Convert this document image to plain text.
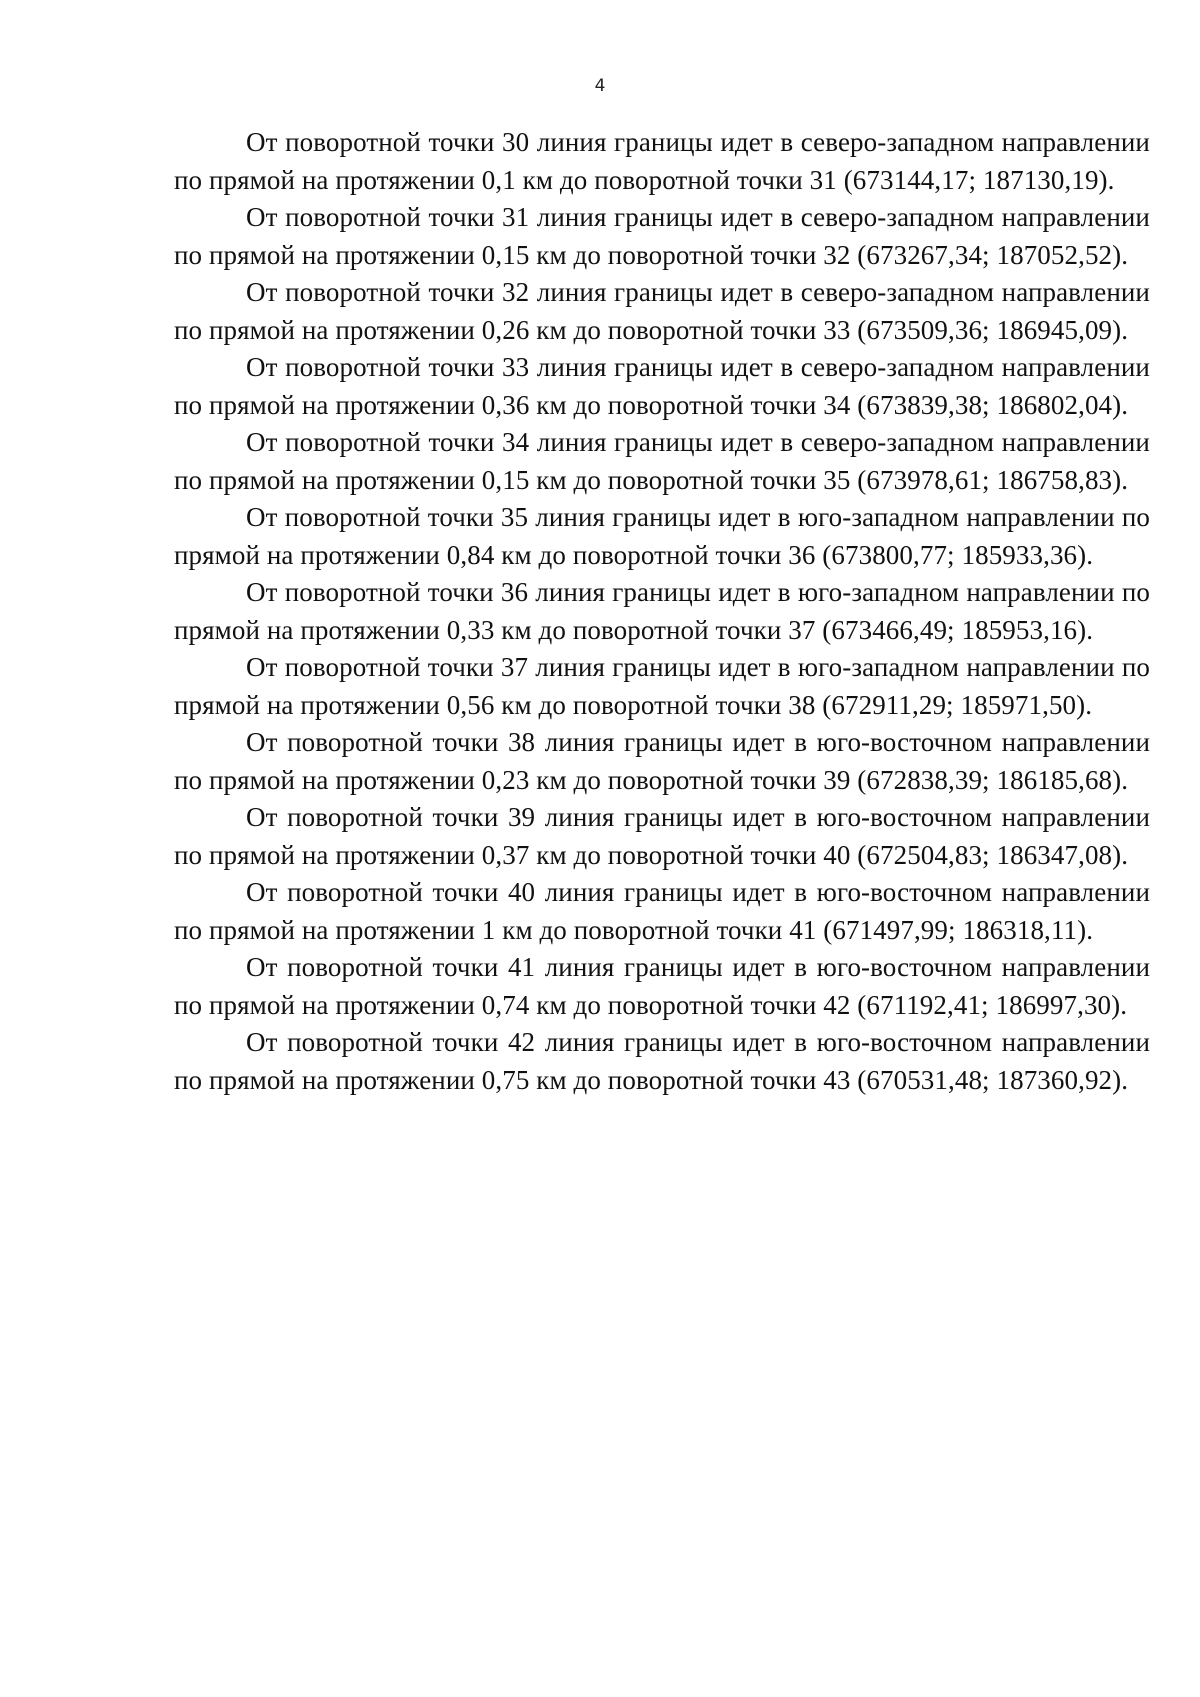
4

От поворотной точки 30 линия границы идет в северо-западном направлении по прямой на протяжении 0,1 км до поворотной точки 31 (673144,17; 187130,19).

От поворотной точки 31 линия границы идет в северо-западном направлении по прямой на протяжении 0,15 км до поворотной точки 32 (673267,34; 187052,52).

От поворотной точки 32 линия границы идет в северо-западном направлении по прямой на протяжении 0,26 км до поворотной точки 33 (673509,36; 186945,09).

От поворотной точки 33 линия границы идет в северо-западном направлении по прямой на протяжении 0,36 км до поворотной точки 34 (673839,38; 186802,04).

От поворотной точки 34 линия границы идет в северо-западном направлении по прямой на протяжении 0,15 км до поворотной точки 35 (673978,61; 186758,83).

От поворотной точки 35 линия границы идет в юго-западном направлении по прямой на протяжении 0,84 км до поворотной точки 36 (673800,77; 185933,36).

От поворотной точки 36 линия границы идет в юго-западном направлении по прямой на протяжении 0,33 км до поворотной точки 37 (673466,49; 185953,16).

От поворотной точки 37 линия границы идет в юго-западном направлении по прямой на протяжении 0,56 км до поворотной точки 38 (672911,29; 185971,50).

От поворотной точки 38 линия границы идет в юго-восточном направлении по прямой на протяжении 0,23 км до поворотной точки 39 (672838,39; 186185,68).

От поворотной точки 39 линия границы идет в юго-восточном направлении по прямой на протяжении 0,37 км до поворотной точки 40 (672504,83; 186347,08).

От поворотной точки 40 линия границы идет в юго-восточном направлении по прямой на протяжении 1 км до поворотной точки 41 (671497,99; 186318,11).

От поворотной точки 41 линия границы идет в юго-восточном направлении по прямой на протяжении 0,74 км до поворотной точки 42 (671192,41; 186997,30).

От поворотной точки 42 линия границы идет в юго-восточном направлении по прямой на протяжении 0,75 км до поворотной точки 43 (670531,48; 187360,92).
